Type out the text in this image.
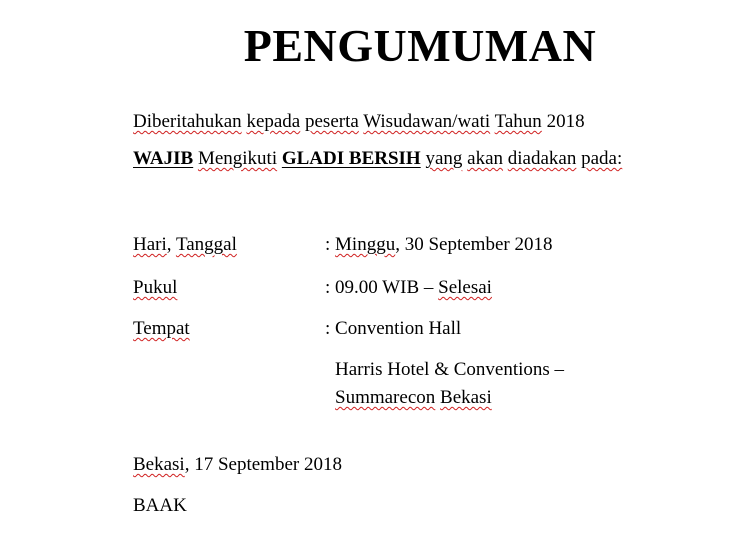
PENGUMUMAN
Diberitahukan kepada peserta Wisudawan/wati Tahun 2018
WAJIB Mengikuti GLADI BERSIH yang akan diadakan pada:
Hari, Tanggal	: Minggu, 30 September 2018
Pukul	: 09.00 WIB – Selesai
Tempat	: Convention Hall
Harris Hotel & Conventions –
Summarecon Bekasi
Bekasi, 17 September 2018
BAAK
